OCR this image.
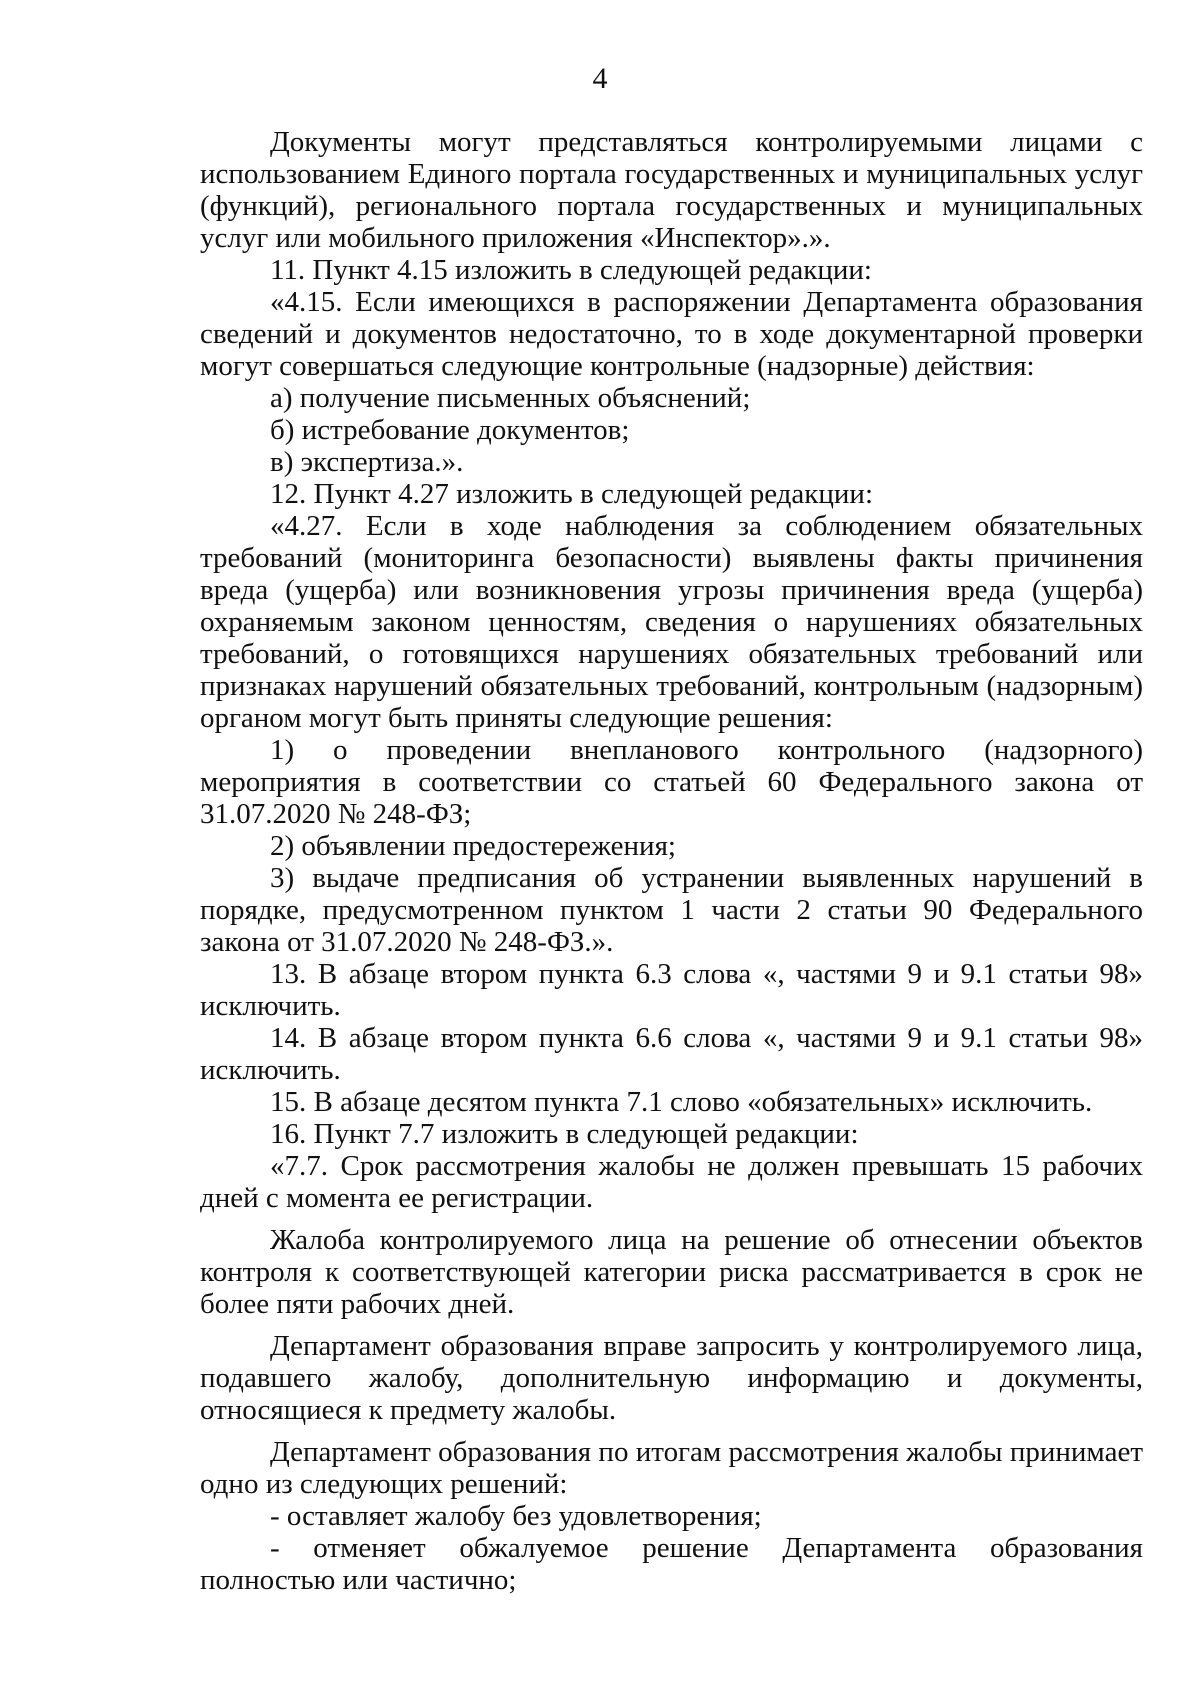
4

Документы могут представляться контролируемыми лицами с использованием Единого портала государственных и муниципальных услуг (функций), регионального портала государственных и муниципальных услуг или мобильного приложения «Инспектор».».

11. Пункт 4.15 изложить в следующей редакции:

«4.15. Если имеющихся в распоряжении Департамента образования сведений и документов недостаточно, то в ходе документарной проверки могут совершаться следующие контрольные (надзорные) действия:

а) получение письменных объяснений;

б) истребование документов;

в) экспертиза.».

12. Пункт 4.27 изложить в следующей редакции:

«4.27. Если в ходе наблюдения за соблюдением обязательных требований (мониторинга безопасности) выявлены факты причинения вреда (ущерба) или возникновения угрозы причинения вреда (ущерба) охраняемым законом ценностям, сведения о нарушениях обязательных требований, о готовящихся нарушениях обязательных требований или признаках нарушений обязательных требований, контрольным (надзорным) органом могут быть приняты следующие решения:

1) о проведении внепланового контрольного (надзорного) мероприятия в соответствии со статьей 60 Федерального закона от 31.07.2020 № 248-ФЗ;

2) объявлении предостережения;

3) выдаче предписания об устранении выявленных нарушений в порядке, предусмотренном пунктом 1 части 2 статьи 90 Федерального закона от 31.07.2020 № 248-ФЗ.».

13. В абзаце втором пункта 6.3 слова «, частями 9 и 9.1 статьи 98» исключить.

14. В абзаце втором пункта 6.6 слова «, частями 9 и 9.1 статьи 98» исключить.

15. В абзаце десятом пункта 7.1 слово «обязательных» исключить.

16. Пункт 7.7 изложить в следующей редакции:

«7.7. Срок рассмотрения жалобы не должен превышать 15 рабочих дней с момента ее регистрации.

Жалоба контролируемого лица на решение об отнесении объектов контроля к соответствующей категории риска рассматривается в срок не более пяти рабочих дней.

Департамент образования вправе запросить у контролируемого лица, подавшего жалобу, дополнительную информацию и документы, относящиеся к предмету жалобы.

Департамент образования по итогам рассмотрения жалобы принимает одно из следующих решений:

- оставляет жалобу без удовлетворения;

- отменяет обжалуемое решение Департамента образования полностью или частично;
